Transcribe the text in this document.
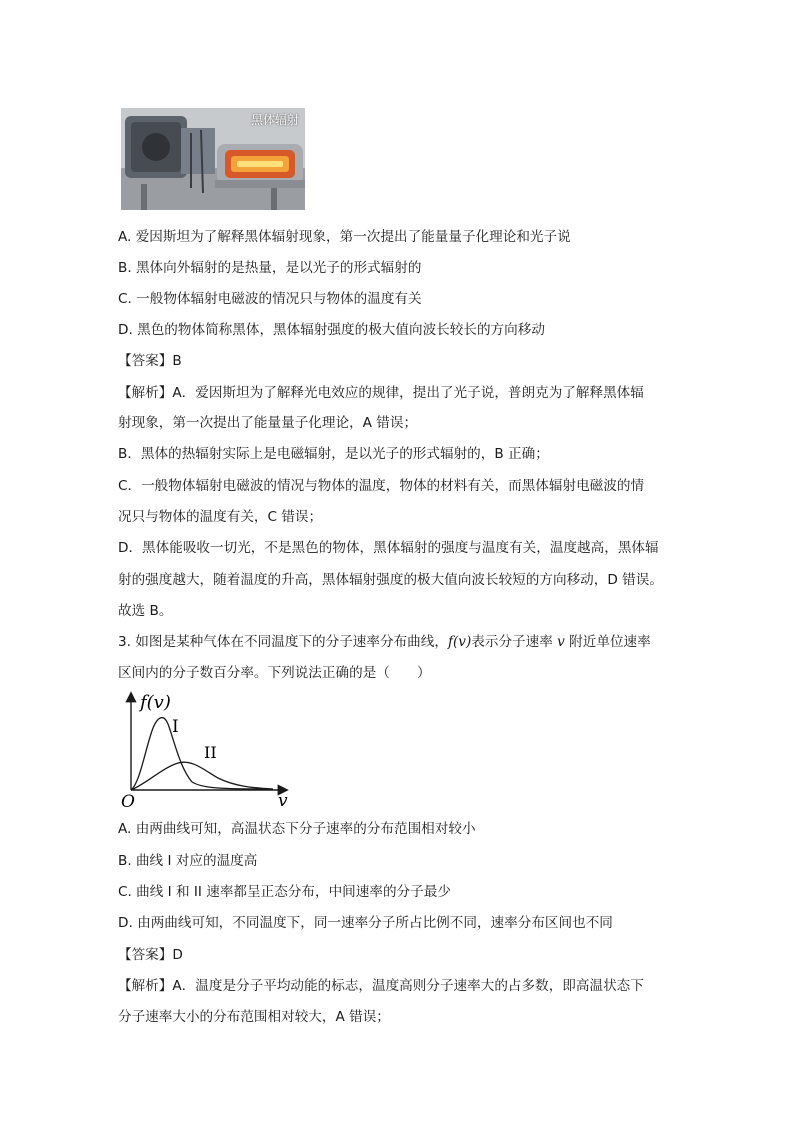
黑体辐射
A. 爱因斯坦为了解释黑体辐射现象，第一次提出了能量量子化理论和光子说
B. 黑体向外辐射的是热量，是以光子的形式辐射的
C. 一般物体辐射电磁波的情况只与物体的温度有关
D. 黑色的物体简称黑体，黑体辐射强度的极大值向波长较长的方向移动
【答案】B
【解析】A．爱因斯坦为了解释光电效应的规律，提出了光子说，普朗克为了解释黑体辐
射现象，第一次提出了能量量子化理论，A 错误；
B．黑体的热辐射实际上是电磁辐射，是以光子的形式辐射的，B 正确；
C．一般物体辐射电磁波的情况与物体的温度，物体的材料有关，而黑体辐射电磁波的情
况只与物体的温度有关，C 错误；
D．黑体能吸收一切光，不是黑色的物体，黑体辐射的强度与温度有关，温度越高，黑体辐
射的强度越大，随着温度的升高，黑体辐射强度的极大值向波长较短的方向移动，D 错误。
故选 B。
3. 如图是某种气体在不同温度下的分子速率分布曲线，f(v)表示分子速率 v 附近单位速率
区间内的分子数百分率。下列说法正确的是（　　）
f(v)
I
II
O	v
A. 由两曲线可知，高温状态下分子速率的分布范围相对较小
B. 曲线 I 对应的温度高
C. 曲线 I 和 II 速率都呈正态分布，中间速率的分子最少
D. 由两曲线可知，不同温度下，同一速率分子所占比例不同，速率分布区间也不同
【答案】D
【解析】A．温度是分子平均动能的标志，温度高则分子速率大的占多数，即高温状态下
分子速率大小的分布范围相对较大，A 错误；
